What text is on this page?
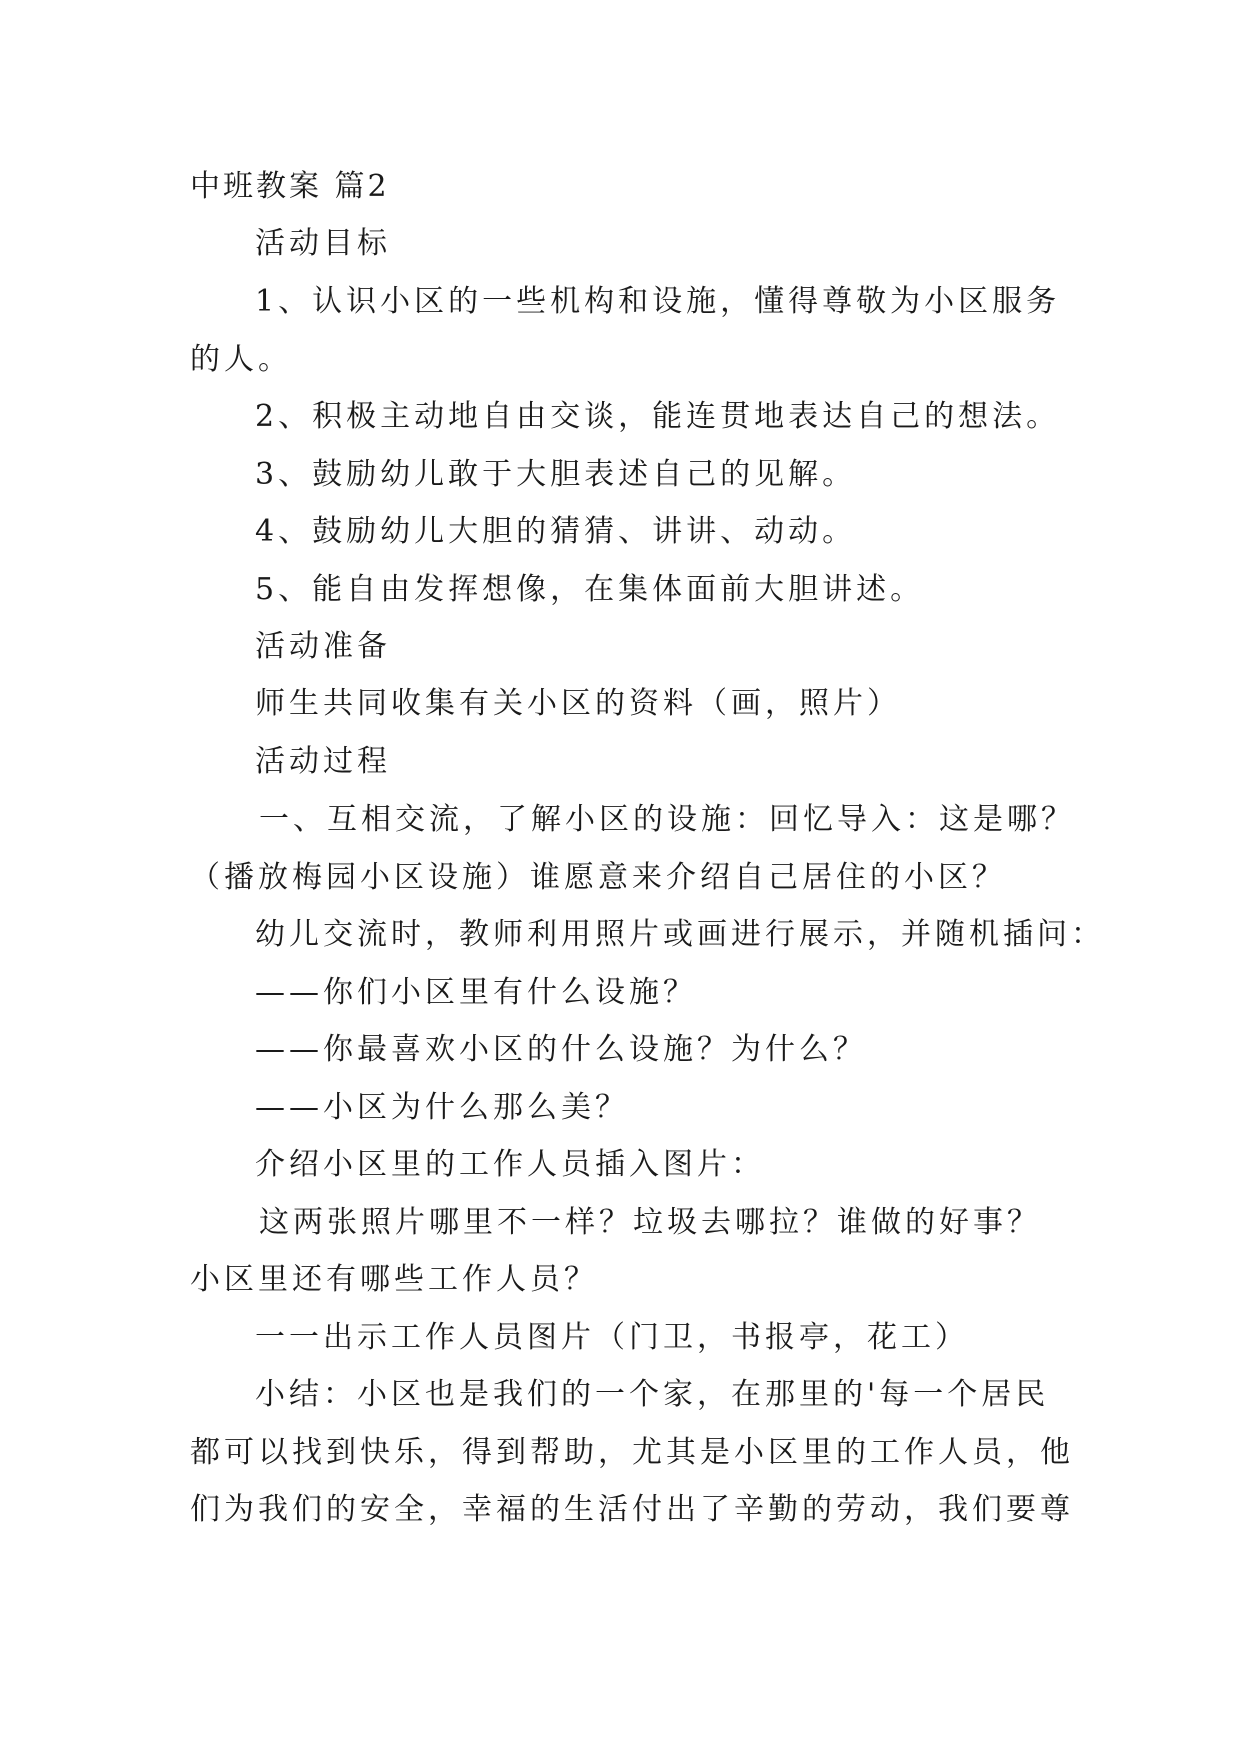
中班教案 篇2
活动目标
1、认识小区的一些机构和设施，懂得尊敬为小区服务
的人。
2、积极主动地自由交谈，能连贯地表达自己的想法。
3、鼓励幼儿敢于大胆表述自己的见解。
4、鼓励幼儿大胆的猜猜、讲讲、动动。
5、能自由发挥想像，在集体面前大胆讲述。
活动准备
师生共同收集有关小区的资料（画，照片）
活动过程
一、互相交流，了解小区的设施：回忆导入：这是哪？
（播放梅园小区设施）谁愿意来介绍自己居住的小区？
幼儿交流时，教师利用照片或画进行展示，并随机插问：
——你们小区里有什么设施？
——你最喜欢小区的什么设施？为什么？
——小区为什么那么美？
介绍小区里的工作人员插入图片：
这两张照片哪里不一样？垃圾去哪拉？谁做的好事？
小区里还有哪些工作人员？
一一出示工作人员图片（门卫，书报亭，花工）
小结：小区也是我们的一个家，在那里的'每一个居民
都可以找到快乐，得到帮助，尤其是小区里的工作人员，他
们为我们的安全，幸福的生活付出了辛勤的劳动，我们要尊
